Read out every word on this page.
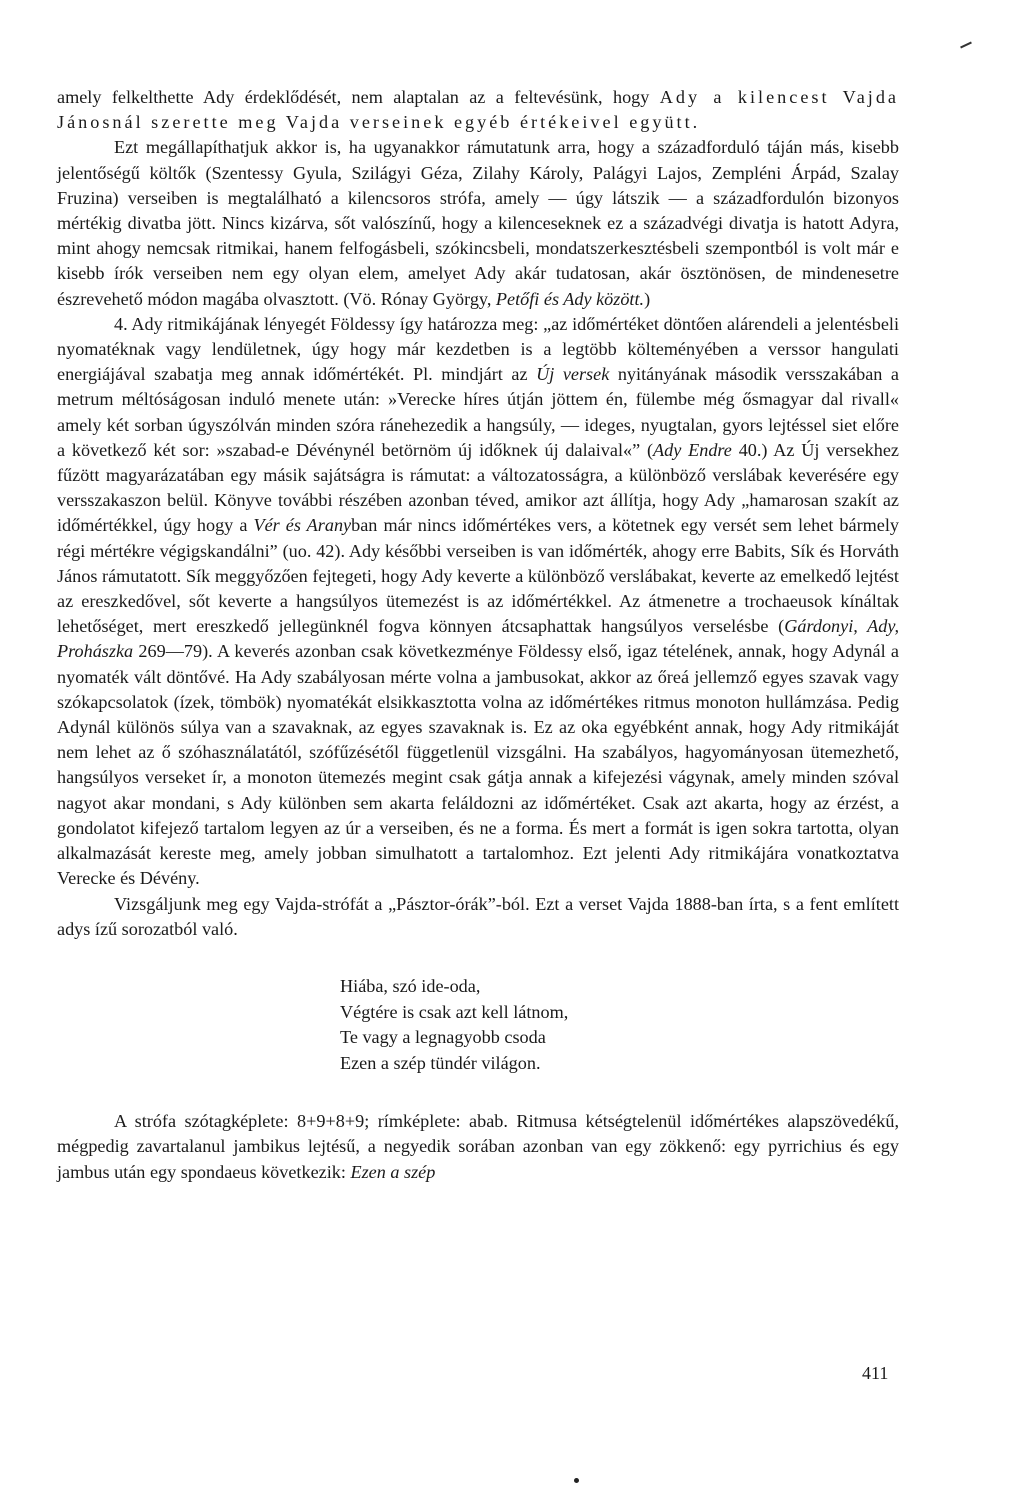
amely felkelthette Ady érdeklődését, nem alaptalan az a feltevésünk, hogy Ady a kilencest Vajda Jánosnál szerette meg Vajda verseinek egyéb értékeivel együtt.

Ezt megállapíthatjuk akkor is, ha ugyanakkor rámutatunk arra, hogy a századforduló táján más, kisebb jelentőségű költők (Szentessy Gyula, Szilágyi Géza, Zilahy Károly, Palágyi Lajos, Zempléni Árpád, Szalay Fruzina) verseiben is megtalálható a kilencsoros strófa, amely — úgy látszik — a századfordulón bizonyos mértékig divatba jött. Nincs kizárva, sőt valószínű, hogy a kilenceseknek ez a századvégi divatja is hatott Adyra, mint ahogy nemcsak ritmikai, hanem felfogásbeli, szókincsbeli, mondatszerkesztésbeli szempontból is volt már e kisebb írók verseiben nem egy olyan elem, amelyet Ady akár tudatosan, akár ösztönösen, de mindenesetre észrevehető módon magába olvasztott. (Vö. Rónay György, Petőfi és Ady között.)

4. Ady ritmikájának lényegét Földessy így határozza meg: „az időmértéket döntően alárendeli a jelentésbeli nyomatéknak vagy lendületnek, úgy hogy már kezdetben is a legtöbb költeményében a verssor hangulati energiájával szabatja meg annak időmértékét. Pl. mindjárt az Új versek nyitányának második versszakában a metrum méltóságosan induló menete után: »Verecke híres útján jöttem én, fülembe még ősmagyar dal rivall« amely két sorban úgyszólván minden szóra ránehezedik a hangsúly, — ideges, nyugtalan, gyors lejtéssel siet előre a következő két sor: »szabad-e Dévénynél betörnöm új időknek új dalaival«” (Ady Endre 40.) Az Új versekhez fűzött magyarázatában egy másik sajátságra is rámutat: a változatosságra, a különböző verslábak keverésére egy versszakaszon belül. Könyve további részében azonban téved, amikor azt állítja, hogy Ady „hamarosan szakít az időmértékkel, úgy hogy a Vér és Aranyban már nincs időmértékes vers, a kötetnek egy versét sem lehet bármely régi mértékre végigskandálni” (uo. 42). Ady későbbi verseiben is van időmérték, ahogy erre Babits, Sík és Horváth János rámutatott. Sík meggyőzően fejtegeti, hogy Ady keverte a különböző verslábakat, keverte az emelkedő lejtést az ereszkedővel, sőt keverte a hangsúlyos ütemezést is az időmértékkel. Az átmenetre a trochaeusok kínáltak lehetőséget, mert ereszkedő jellegünknél fogva könnyen átcsaphattak hangsúlyos verselésbe (Gárdonyi, Ady, Prohászka 269—79). A keverés azonban csak következménye Földessy első, igaz tételének, annak, hogy Adynál a nyomaték vált döntővé. Ha Ady szabályosan mérte volna a jambusokat, akkor az őreá jellemző egyes szavak vagy szókapcsolatok (ízek, tömbök) nyomatékát elsikkasztotta volna az időmértékes ritmus monoton hullámzása. Pedig Adynál különös súlya van a szavaknak, az egyes szavaknak is. Ez az oka egyébként annak, hogy Ady ritmikáját nem lehet az ő szóhasználatától, szófűzésétől függetlenül vizsgálni. Ha szabályos, hagyományosan ütemezhető, hangsúlyos verseket ír, a monoton ütemezés megint csak gátja annak a kifejezési vágynak, amely minden szóval nagyot akar mondani, s Ady különben sem akarta feláldozni az időmértéket. Csak azt akarta, hogy az érzést, a gondolatot kifejező tartalom legyen az úr a verseiben, és ne a forma. És mert a formát is igen sokra tartotta, olyan alkalmazását kereste meg, amely jobban simulhatott a tartalomhoz. Ezt jelenti Ady ritmikájára vonatkoztatva Verecke és Dévény.

Vizsgáljunk meg egy Vajda-strófát a „Pásztor-órák”-ból. Ezt a verset Vajda 1888-ban írta, s a fent említett adys ízű sorozatból való.

Hiába, szó ide-oda,
Végtére is csak azt kell látnom,
Te vagy a legnagyobb csoda
Ezen a szép tündér világon.

A strófa szótagképlete: 8+9+8+9; rímképlete: abab. Ritmusa kétségtelenül időmértékes alapszövedékű, mégpedig zavartalanul jambikus lejtésű, a negyedik sorában azonban van egy zökkenő: egy pyrrichius és egy jambus után egy spondaeus következik: Ezen a szép

411
